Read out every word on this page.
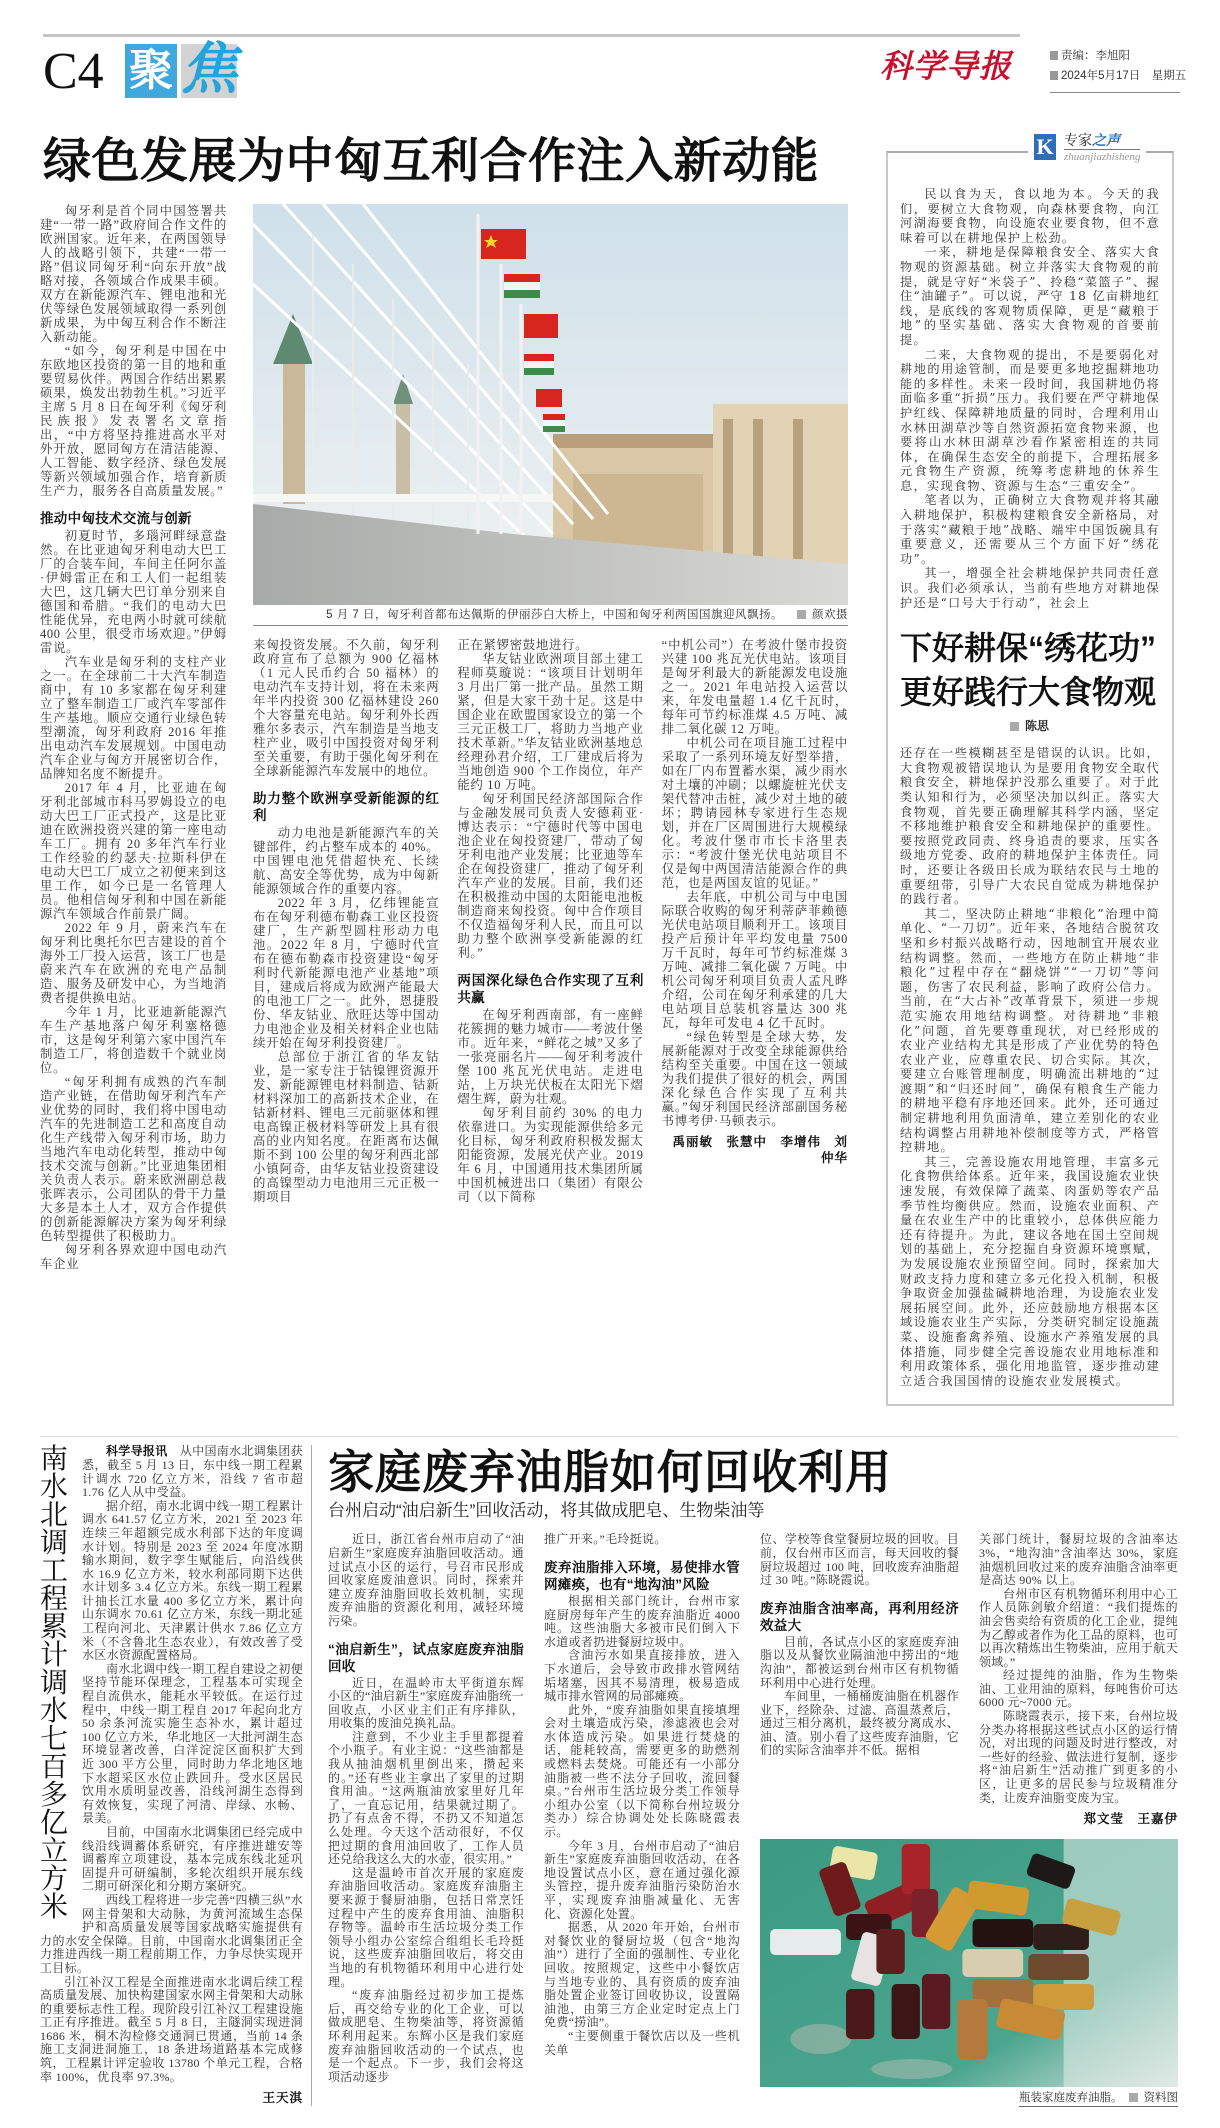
C4 聚 焦	科学导报	责编：李旭阳
2024年5月17日　星期五
绿色发展为中匈互利合作注入新动能

匈牙利是首个同中国签署共建“一带一路”政府间合作文件的欧洲国家。近年来，在两国领导人的战略引领下，共建“一带一路”倡议同匈牙利“向东开放”战略对接，各领域合作成果丰硕。双方在新能源汽车、锂电池和光伏等绿色发展领域取得一系列创新成果，为中匈互利合作不断注入新动能。

“如今，匈牙利是中国在中东欧地区投资的第一目的地和重要贸易伙伴。两国合作结出累累硕果，焕发出勃勃生机。”习近平主席 5 月 8 日在匈牙利《匈牙利民族报》发表署名文章指出，“中方将坚持推进高水平对外开放，愿同匈方在清洁能源、人工智能、数字经济、绿色发展等新兴领域加强合作，培育新质生产力，服务各自高质量发展。”

推动中匈技术交流与创新

初夏时节，多瑙河畔绿意盎然。在比亚迪匈牙利电动大巴工厂的合装车间，车间主任阿尔盖·伊姆雷正在和工人们一起组装大巴，这几辆大巴订单分别来自德国和希腊。“我们的电动大巴性能优异，充电两小时就可续航 400 公里，很受市场欢迎。”伊姆雷说。

汽车业是匈牙利的支柱产业之一。在全球前二十大汽车制造商中，有 10 多家都在匈牙利建立了整车制造工厂或汽车零部件生产基地。顺应交通行业绿色转型潮流，匈牙利政府 2016 年推出电动汽车发展规划。中国电动汽车企业与匈方开展密切合作，品牌知名度不断提升。

2017 年 4 月，比亚迪在匈牙利北部城市科马罗姆设立的电动大巴工厂正式投产，这是比亚迪在欧洲投资兴建的第一座电动车工厂。拥有 20 多年汽车行业工作经验的约瑟夫·拉斯科伊在电动大巴工厂成立之初便来到这里工作，如今已是一名管理人员。他相信匈牙利和中国在新能源汽车领域合作前景广阔。

2022 年 9 月，蔚来汽车在匈牙利比奥托尔巴吉建设的首个海外工厂投入运营，该工厂也是蔚来汽车在欧洲的充电产品制造、服务及研发中心，为当地消费者提供换电站。

今年 1 月，比亚迪新能源汽车生产基地落户匈牙利塞格德市，这是匈牙利第六家中国汽车制造工厂，将创造数千个就业岗位。

“匈牙利拥有成熟的汽车制造产业链，在借助匈牙利汽车产业优势的同时，我们将中国电动汽车的先进制造工艺和高度自动化生产线带入匈牙利市场，助力当地汽车电动化转型，推动中匈技术交流与创新。”比亚迪集团相关负责人表示。蔚来欧洲副总裁张晖表示，公司团队的骨干力量大多是本土人才，双方合作提供的创新能源解决方案为匈牙利绿色转型提供了积极助力。

匈牙利各界欢迎中国电动汽车企业

5 月 7 日，匈牙利首都布达佩斯的伊丽莎白大桥上，中国和匈牙利两国国旗迎风飘扬。	颜欢摄

来匈投资发展。不久前，匈牙利政府宣布了总额为 900 亿福林（1 元人民币约合 50 福林）的电动汽车支持计划，将在未来两年半内投资 300 亿福林建设 260 个大容量充电站。匈牙利外长西雅尔多表示，汽车制造是当地支柱产业，吸引中国投资对匈牙利至关重要，有助于强化匈牙利在全球新能源汽车发展中的地位。

助力整个欧洲享受新能源的红利

动力电池是新能源汽车的关键部件，约占整车成本的 40%。中国锂电池凭借超快充、长续航、高安全等优势，成为中匈新能源领域合作的重要内容。

2022 年 3 月，亿纬锂能宣布在匈牙利德布勒森工业区投资建厂，生产新型圆柱形动力电池。2022 年 8 月，宁德时代宣布在德布勒森市投资建设“匈牙利时代新能源电池产业基地”项目，建成后将成为欧洲产能最大的电池工厂之一。此外，恩捷股份、华友钴业、欣旺达等中国动力电池企业及相关材料企业也陆续开始在匈牙利投资建厂。

总部位于浙江省的华友钴业，是一家专注于钴镍锂资源开发、新能源锂电材料制造、钴新材料深加工的高新技术企业，在钴新材料、锂电三元前驱体和锂电高镍正极材料等研发上具有很高的业内知名度。在距离布达佩斯不到 100 公里的匈牙利西北部小镇阿奇，由华友钴业投资建设的高镍型动力电池用三元正极一期项目

正在紧锣密鼓地进行。

华友钴业欧洲项目部土建工程师莫璇说：“该项目计划明年 3 月出厂第一批产品。虽然工期紧，但是大家干劲十足。这是中国企业在欧盟国家设立的第一个三元正极工厂，将助力当地产业技术革新。”华友钴业欧洲基地总经理孙君介绍，工厂建成后将为当地创造 900 个工作岗位，年产能约 10 万吨。

匈牙利国民经济部国际合作与金融发展司负责人安德莉亚·博达表示：“宁德时代等中国电池企业在匈投资建厂，带动了匈牙利电池产业发展；比亚迪等车企在匈投资建厂，推动了匈牙利汽车产业的发展。目前，我们还在积极推动中国的太阳能电池板制造商来匈投资。匈中合作项目不仅造福匈牙利人民，而且可以助力整个欧洲享受新能源的红利。”

两国深化绿色合作实现了互利共赢

在匈牙利西南部，有一座鲜花簇拥的魅力城市——考波什堡市。近年来，“鲜花之城”又多了一张亮丽名片——匈牙利考波什堡 100 兆瓦光伏电站。走进电站，上万块光伏板在太阳光下熠熠生辉，蔚为壮观。

匈牙利目前约 30% 的电力依靠进口。为实现能源供给多元化目标，匈牙利政府积极发掘太阳能资源，发展光伏产业。2019 年 6 月，中国通用技术集团所属中国机械进出口（集团）有限公司（以下简称

“中机公司”）在考波什堡市投资兴建 100 兆瓦光伏电站。该项目是匈牙利最大的新能源发电设施之一。2021 年电站投入运营以来，年发电量超 1.4 亿千瓦时，每年可节约标准煤 4.5 万吨、减排二氧化碳 12 万吨。

中机公司在项目施工过程中采取了一系列环境友好型举措，如在厂内布置蓄水渠，减少雨水对土壤的冲刷；以螺旋桩光伏支架代替冲击桩，减少对土地的破坏；聘请园林专家进行生态规划，并在厂区周围进行大规模绿化。考波什堡市市长卡洛里表示：“考波什堡光伏电站项目不仅是匈中两国清洁能源合作的典范，也是两国友谊的见证。”

去年底，中机公司与中电国际联合收购的匈牙利蒂萨菲赖德光伏电站项目顺利开工。该项目投产后预计年平均发电量 7500 万千瓦时，每年可节约标准煤 3 万吨、减排二氧化碳 7 万吨。中机公司匈牙利项目负责人孟凡晔介绍，公司在匈牙利承建的几大电站项目总装机容量达 300 兆瓦，每年可发电 4 亿千瓦时。

“绿色转型是全球大势，发展新能源对于改变全球能源供给结构至关重要。中国在这一领域为我们提供了很好的机会，两国深化绿色合作实现了互利共赢。”匈牙利国民经济部副国务秘书博考伊·马顿表示。

禹丽敏　张慧中　李增伟　刘仲华
K 专家之声
zhuanjiazhisheng

民以食为天，食以地为本。今天的我们，要树立大食物观，向森林要食物，向江河湖海要食物，向设施农业要食物，但不意味着可以在耕地保护上松劲。

一来，耕地是保障粮食安全、落实大食物观的资源基础。树立并落实大食物观的前提，就是守好“米袋子”、拎稳“菜篮子”、握住“油罐子”。可以说，严守 18 亿亩耕地红线，是底线的客观物质保障，更是“藏粮于地”的坚实基础、落实大食物观的首要前提。

二来，大食物观的提出，不是要弱化对耕地的用途管制，而是要更多地挖掘耕地功能的多样性。未来一段时间，我国耕地仍将面临多重“折损”压力。我们要在严守耕地保护红线、保障耕地质量的同时，合理利用山水林田湖草沙等自然资源拓宽食物来源，也要将山水林田湖草沙看作紧密相连的共同体，在确保生态安全的前提下，合理拓展多元食物生产资源，统筹考虑耕地的休养生息，实现食物、资源与生态“三重安全”。

笔者以为，正确树立大食物观并将其融入耕地保护，积极构建粮食安全新格局，对于落实“藏粮于地”战略、端牢中国饭碗具有重要意义，还需要从三个方面下好“绣花功”。

其一，增强全社会耕地保护共同责任意识。我们必须承认，当前有些地方对耕地保护还是“口号大于行动”，社会上

下好耕保“绣花功”
更好践行大食物观
陈思

还存在一些模糊甚至是错误的认识。比如，大食物观被错误地认为是要用食物安全取代粮食安全，耕地保护没那么重要了。对于此类认知和行为，必须坚决加以纠正。落实大食物观，首先要正确理解其科学内涵，坚定不移地维护粮食安全和耕地保护的重要性。要按照党政同责、终身追责的要求，压实各级地方党委、政府的耕地保护主体责任。同时，还要让各级田长成为联结农民与土地的重要纽带，引导广大农民自觉成为耕地保护的践行者。

其二，坚决防止耕地“非粮化”治理中简单化、“一刀切”。近年来，各地结合脱贫攻坚和乡村振兴战略行动，因地制宜开展农业结构调整。然而，一些地方在防止耕地“非粮化”过程中存在“翻烧饼”“一刀切”等问题，伤害了农民利益，影响了政府公信力。当前，在“大占补”改革背景下，须进一步规范实施农用地结构调整。对待耕地“非粮化”问题，首先要尊重现状，对已经形成的农业产业结构尤其是形成了产业优势的特色农业产业，应尊重农民、切合实际。其次，要建立台账管理制度，明确流出耕地的“过渡期”和“归还时间”，确保有粮食生产能力的耕地平稳有序地还回来。此外，还可通过制定耕地利用负面清单，建立差别化的农业结构调整占用耕地补偿制度等方式，严格管控耕地。

其三，完善设施农用地管理，丰富多元化食物供给体系。近年来，我国设施农业快速发展，有效保障了蔬菜、肉蛋奶等农产品季节性均衡供应。然而，设施农业面积、产量在农业生产中的比重较小，总体供应能力还有待提升。为此，建议各地在国土空间规划的基础上，充分挖掘自身资源环境禀赋，为发展设施农业预留空间。同时，探索加大财政支持力度和建立多元化投入机制，积极争取资金加强盐碱耕地治理，为设施农业发展拓展空间。此外，还应鼓励地方根据本区域设施农业生产实际，分类研究制定设施蔬菜、设施畜禽养殖、设施水产养殖发展的具体措施，同步健全完善设施农业用地标准和利用政策体系，强化用地监管，逐步推动建立适合我国国情的设施农业发展模式。

南水北调工程累计调水七百多亿立方米

科学导报讯　 从中国南水北调集团获悉，截至 5 月 13 日，东中线一期工程累计调水 720 亿立方米，沿线 7 省市超 1.76 亿人从中受益。

据介绍，南水北调中线一期工程累计调水 641.57 亿立方米，2021 至 2023 年连续三年超额完成水利部下达的年度调水计划。特别是 2023 至 2024 年度冰期输水期间，数字孪生赋能后，向沿线供水 16.9 亿立方米，较水利部同期下达供水计划多 3.4 亿立方米。东线一期工程累计抽长江水量 400 多亿立方米，累计向山东调水 70.61 亿立方米，东线一期北延工程向河北、天津累计供水 7.86 亿立方米（不含鲁北生态农业），有效改善了受水区水资源配置格局。

南水北调中线一期工程自建设之初便坚持节能环保理念，工程基本可实现全程自流供水，能耗水平较低。在运行过程中，中线一期工程自 2017 年起向北方 50 余条河流实施生态补水，累计超过 100 亿立方米，华北地区一大批河湖生态环境显著改善，白洋淀淀区面积扩大到近 300 平方公里，同时助力华北地区地下水超采区水位止跌回升。受水区居民饮用水质明显改善，沿线河湖生态得到有效恢复，实现了河清、岸绿、水畅、景美。

目前，中国南水北调集团已经完成中线沿线调蓄体系研究，有序推进雄安等调蓄库立项建设，基本完成东线北延巩固提升可研编制，多轮次组织开展东线二期可研深化和分期方案研究。

西线工程将进一步完善“四横三纵”水网主骨架和大动脉，为黄河流域生态保护和高质量发展等国家战略实施提供有力的水安全保障。目前，中国南水北调集团正全力推进西线一期工程前期工作，力争尽快实现开工目标。

引江补汉工程是全面推进南水北调后续工程高质量发展、加快构建国家水网主骨架和大动脉的重要标志性工程。现阶段引江补汉工程建设施工正有序推进。截至 5 月 8 日，主隧洞实现进洞 1686 米，桐木沟检修交通洞已贯通，当前 14 条施工支洞进洞施工，18 条进场道路基本完成修筑，工程累计评定验收 13780 个单元工程，合格率 100%，优良率 97.3%。

王天淇
家庭废弃油脂如何回收利用
台州启动“油启新生”回收活动，将其做成肥皂、生物柴油等

近日，浙江省台州市启动了“油启新生”家庭废弃油脂回收活动。通过试点小区的运行，号召市民形成回收家庭废油意识。同时，探索并建立废弃油脂回收长效机制，实现废弃油脂的资源化利用，减轻环境污染。

“油启新生”，试点家庭废弃油脂回收

近日，在温岭市太平街道东辉小区的“油启新生”家庭废弃油脂统一回收点，小区业主们正有序排队，用收集的废油兑换礼品。

注意到，不少业主手里都提着个小瓶子。有业主说：“这些油都是我从抽油烟机里倒出来，攒起来的。”还有些业主拿出了家里的过期食用油。“这两瓶油放家里好几年了，一直忘记用，结果就过期了。扔了有点舍不得，不扔又不知道怎么处理。今天这个活动很好，不仅把过期的食用油回收了，工作人员还兑给我这么大的水壶，很实用。”

这是温岭市首次开展的家庭废弃油脂回收活动。家庭废弃油脂主要来源于餐厨油脂，包括日常烹饪过程中产生的废弃食用油、油脂积存物等。温岭市生活垃圾分类工作领导小组办公室综合组组长毛玲挺说，这些废弃油脂回收后，将交由当地的有机物循环利用中心进行处理。

“废弃油脂经过初步加工提炼后，再交给专业的化工企业，可以做成肥皂、生物柴油等，将资源循环利用起来。东辉小区是我们家庭废弃油脂回收活动的一个试点，也是一个起点。下一步，我们会将这项活动逐步

推广开来。”毛玲挺说。

废弃油脂排入环境，易使排水管网瘫痪，也有“地沟油”风险

根据相关部门统计，台州市家庭厨房每年产生的废弃油脂近 4000 吨。这些油脂大多被市民们倒入下水道或者扔进餐厨垃圾中。

含油污水如果直接排放，进入下水道后，会导致市政排水管网结垢堵塞，因其不易清理，极易造成城市排水管网的局部瘫痪。

此外，“废弃油脂如果直接填埋会对土壤造成污染，渗滤液也会对水体造成污染。如果进行焚烧的话，能耗较高，需要更多的助燃剂或燃料去焚烧。可能还有一小部分油脂被一些不法分子回收，流回餐桌。”台州市生活垃圾分类工作领导小组办公室（以下简称台州垃圾分类办）综合协调处处长陈晓霞表示。

今年 3 月，台州市启动了“油启新生”家庭废弃油脂回收活动，在各地设置试点小区，意在通过强化源头管控，提升废弃油脂污染防治水平，实现废弃油脂减量化、无害化、资源化处置。

据悉，从 2020 年开始，台州市对餐饮业的餐厨垃圾（包含“地沟油”）进行了全面的强制性、专业化回收。按照规定，这些中小餐饮店与当地专业的、具有资质的废弃油脂处置企业签订回收协议，设置隔油池，由第三方企业定时定点上门免费“捞油”。

“主要侧重于餐饮店以及一些机关单

位、学校等食堂餐厨垃圾的回收。目前，仅台州市区而言，每天回收的餐厨垃圾超过 100 吨，回收废弃油脂超过 30 吨。”陈晓霞说。

废弃油脂含油率高，再利用经济效益大

目前，各试点小区的家庭废弃油脂以及从餐饮业隔油池中捞出的“地沟油”，都被运到台州市区有机物循环利用中心进行处理。

车间里，一桶桶废油脂在机器作业下，经除杂、过滤、高温蒸煮后，通过三相分离机，最终被分离成水、油、渣。别小看了这些废弃油脂，它们的实际含油率并不低。据相

关部门统计，餐厨垃圾的含油率达 3%，“地沟油”含油率达 30%，家庭油烟机回收过来的废弃油脂含油率更是高达 90% 以上。

台州市区有机物循环利用中心工作人员陈剑敏介绍道：“我们提炼的油会售卖给有资质的化工企业，提纯为乙醇或者作为化工品的原料，也可以再次精炼出生物柴油，应用于航天领域。”

经过提纯的油脂，作为生物柴油、工业用油的原料，每吨售价可达 6000 元~7000 元。

陈晓霞表示，接下来，台州垃圾分类办将根据这些试点小区的运行情况，对出现的问题及时进行整改，对一些好的经验、做法进行复制，逐步将“油启新生”活动推广到更多的小区，让更多的居民参与垃圾精准分类，让废弃油脂变废为宝。

郑文莹　王嘉伊
瓶装家庭废弃油脂。 资料图
